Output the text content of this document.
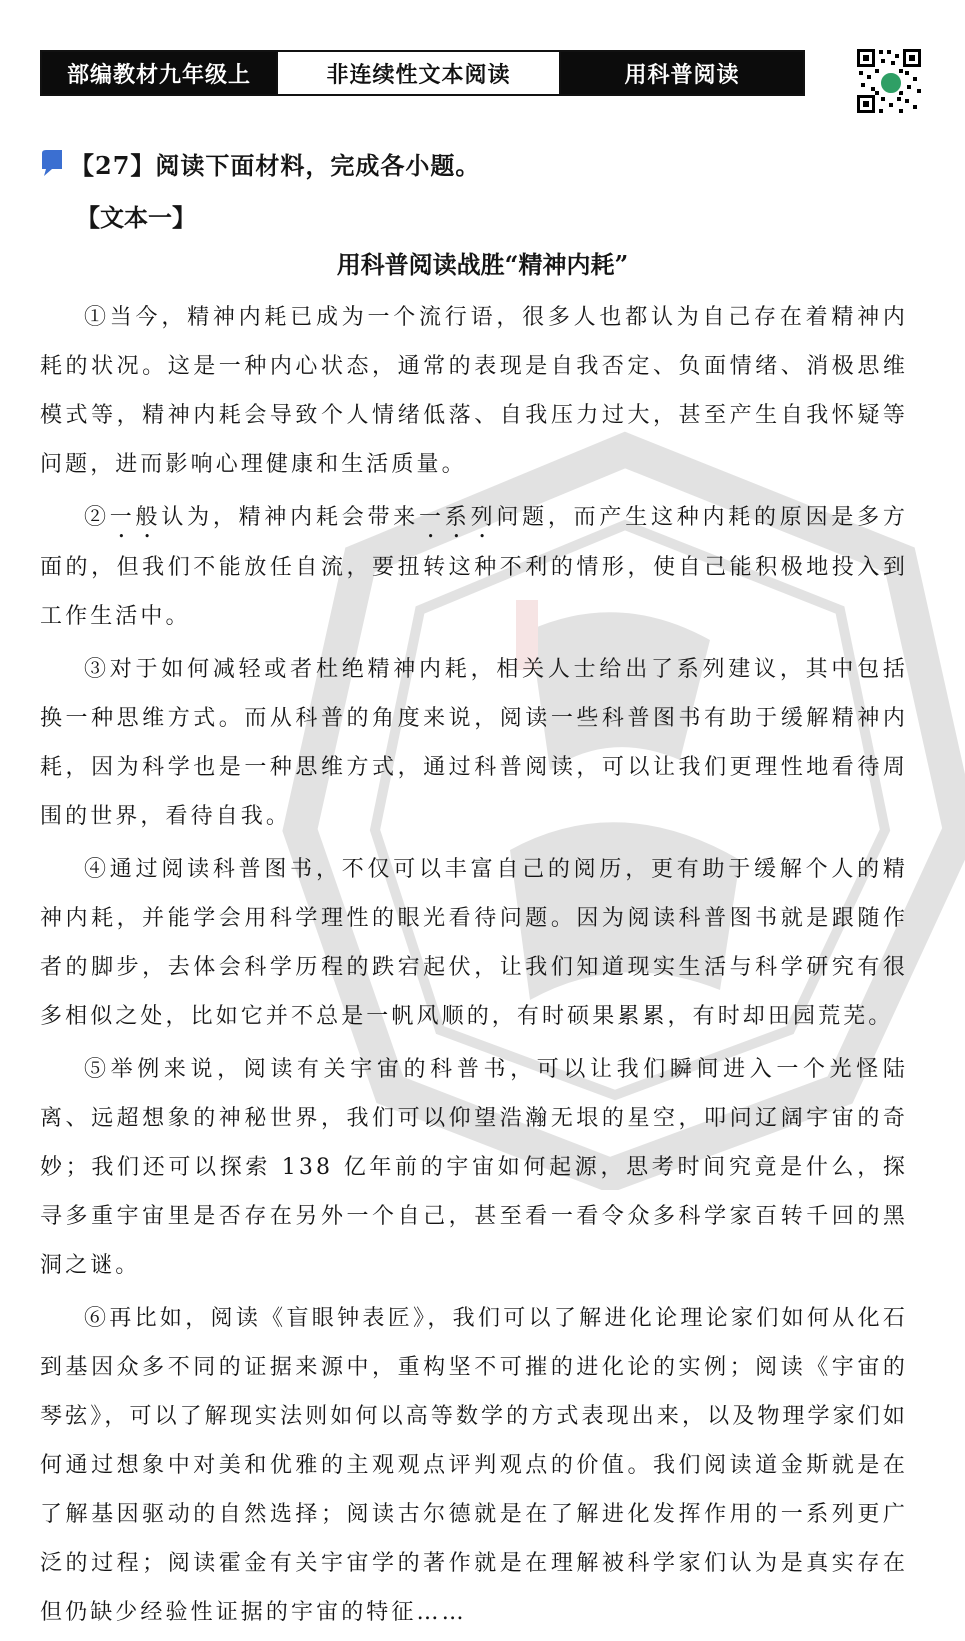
部编教材九年级上	非连续性文本阅读	用科普阅读
【27】 阅读下面材料，完成各小题。
【文本一】
用科普阅读战胜“精神内耗”

①当今，精神内耗已成为一个流行语，很多人也都认为自己存在着精神内耗的状况。这是一种内心状态，通常的表现是自我否定、负面情绪、消极思维模式等，精神内耗会导致个人情绪低落、自我压力过大，甚至产生自我怀疑等问题，进而影响心理健康和生活质量。

②一般认为，精神内耗会带来一系列问题，而产生这种内耗的原因是多方面的，但我们不能放任自流，要扭转这种不利的情形，使自己能积极地投入到工作生活中。

③对于如何减轻或者杜绝精神内耗，相关人士给出了系列建议，其中包括换一种思维方式。而从科普的角度来说，阅读一些科普图书有助于缓解精神内耗，因为科学也是一种思维方式，通过科普阅读，可以让我们更理性地看待周围的世界，看待自我。

④通过阅读科普图书，不仅可以丰富自己的阅历，更有助于缓解个人的精神内耗，并能学会用科学理性的眼光看待问题。因为阅读科普图书就是跟随作者的脚步，去体会科学历程的跌宕起伏，让我们知道现实生活与科学研究有很多相似之处，比如它并不总是一帆风顺的，有时硕果累累，有时却田园荒芜。

⑤举例来说，阅读有关宇宙的科普书，可以让我们瞬间进入一个光怪陆离、远超想象的神秘世界，我们可以仰望浩瀚无垠的星空，叩问辽阔宇宙的奇妙；我们还可以探索 138 亿年前的宇宙如何起源，思考时间究竟是什么，探寻多重宇宙里是否存在另外一个自己，甚至看一看令众多科学家百转千回的黑洞之谜。

⑥再比如，阅读《盲眼钟表匠》，我们可以了解进化论理论家们如何从化石到基因众多不同的证据来源中，重构坚不可摧的进化论的实例；阅读《宇宙的琴弦》，可以了解现实法则如何以高等数学的方式表现出来，以及物理学家们如何通过想象中对美和优雅的主观观点评判观点的价值。我们阅读道金斯就是在了解基因驱动的自然选择；阅读古尔德就是在了解进化发挥作用的一系列更广泛的过程；阅读霍金有关宇宙学的著作就是在理解被科学家们认为是真实存在但仍缺少经验性证据的宇宙的特征……
